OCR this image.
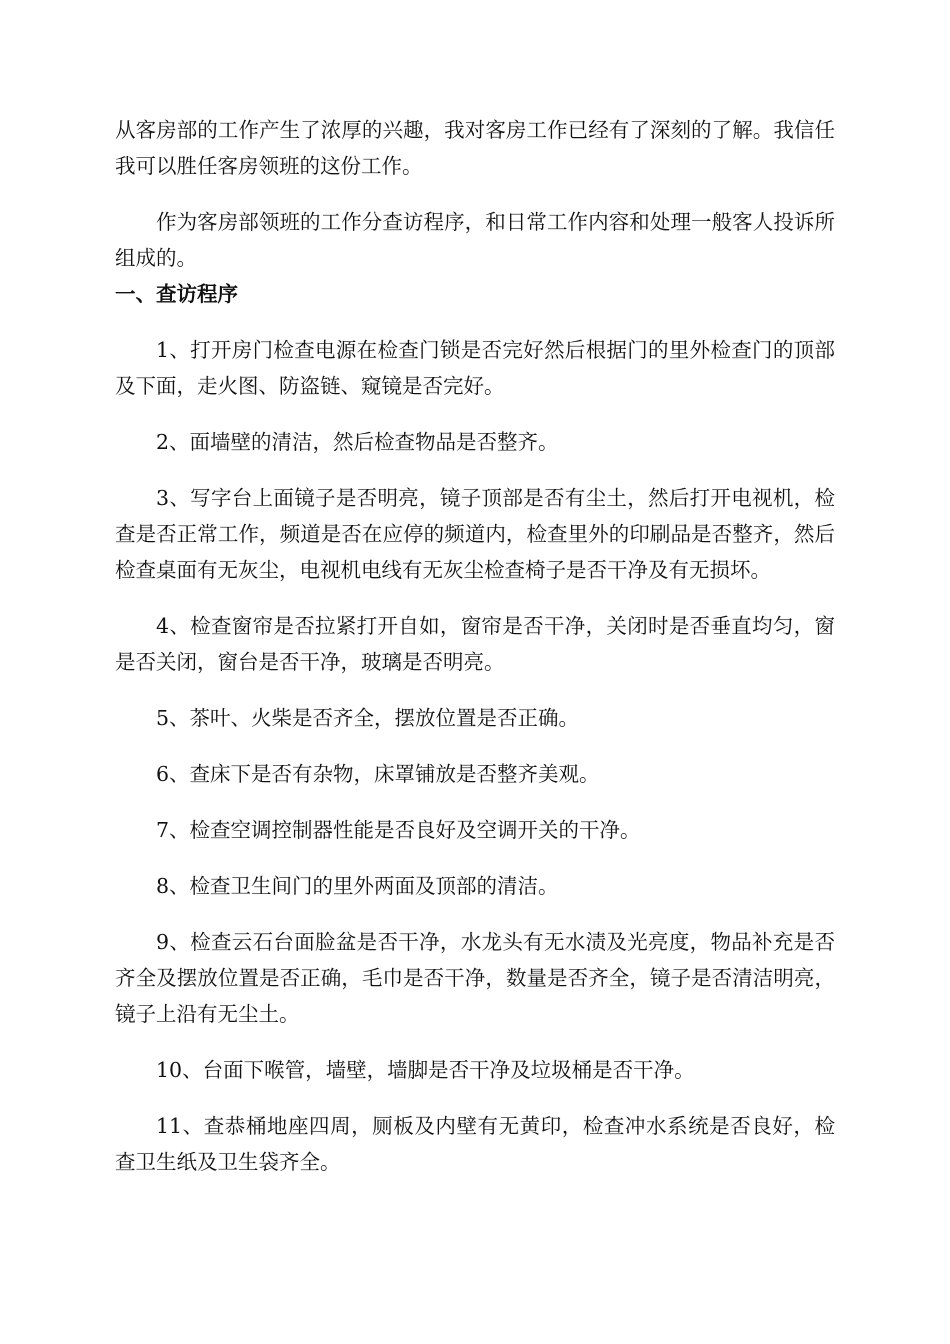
从客房部的工作产生了浓厚的兴趣，我对客房工作已经有了深刻的了解。我信任我可以胜任客房领班的这份工作。

作为客房部领班的工作分查访程序，和日常工作内容和处理一般客人投诉所组成的。

一、查访程序

1、打开房门检查电源在检查门锁是否完好然后根据门的里外检查门的顶部及下面，走火图、防盗链、窥镜是否完好。

2、面墙壁的清洁，然后检查物品是否整齐。

3、写字台上面镜子是否明亮，镜子顶部是否有尘土，然后打开电视机，检查是否正常工作，频道是否在应停的频道内，检查里外的印刷品是否整齐，然后检查桌面有无灰尘，电视机电线有无灰尘检查椅子是否干净及有无损坏。

4、检查窗帘是否拉紧打开自如，窗帘是否干净，关闭时是否垂直均匀，窗是否关闭，窗台是否干净，玻璃是否明亮。

5、茶叶、火柴是否齐全，摆放位置是否正确。

6、查床下是否有杂物，床罩铺放是否整齐美观。

7、检查空调控制器性能是否良好及空调开关的干净。

8、检查卫生间门的里外两面及顶部的清洁。

9、检查云石台面脸盆是否干净，水龙头有无水渍及光亮度，物品补充是否齐全及摆放位置是否正确，毛巾是否干净，数量是否齐全，镜子是否清洁明亮，镜子上沿有无尘土。

10、台面下喉管，墙壁，墙脚是否干净及垃圾桶是否干净。

11、查恭桶地座四周，厕板及内壁有无黄印，检查冲水系统是否良好，检查卫生纸及卫生袋齐全。
